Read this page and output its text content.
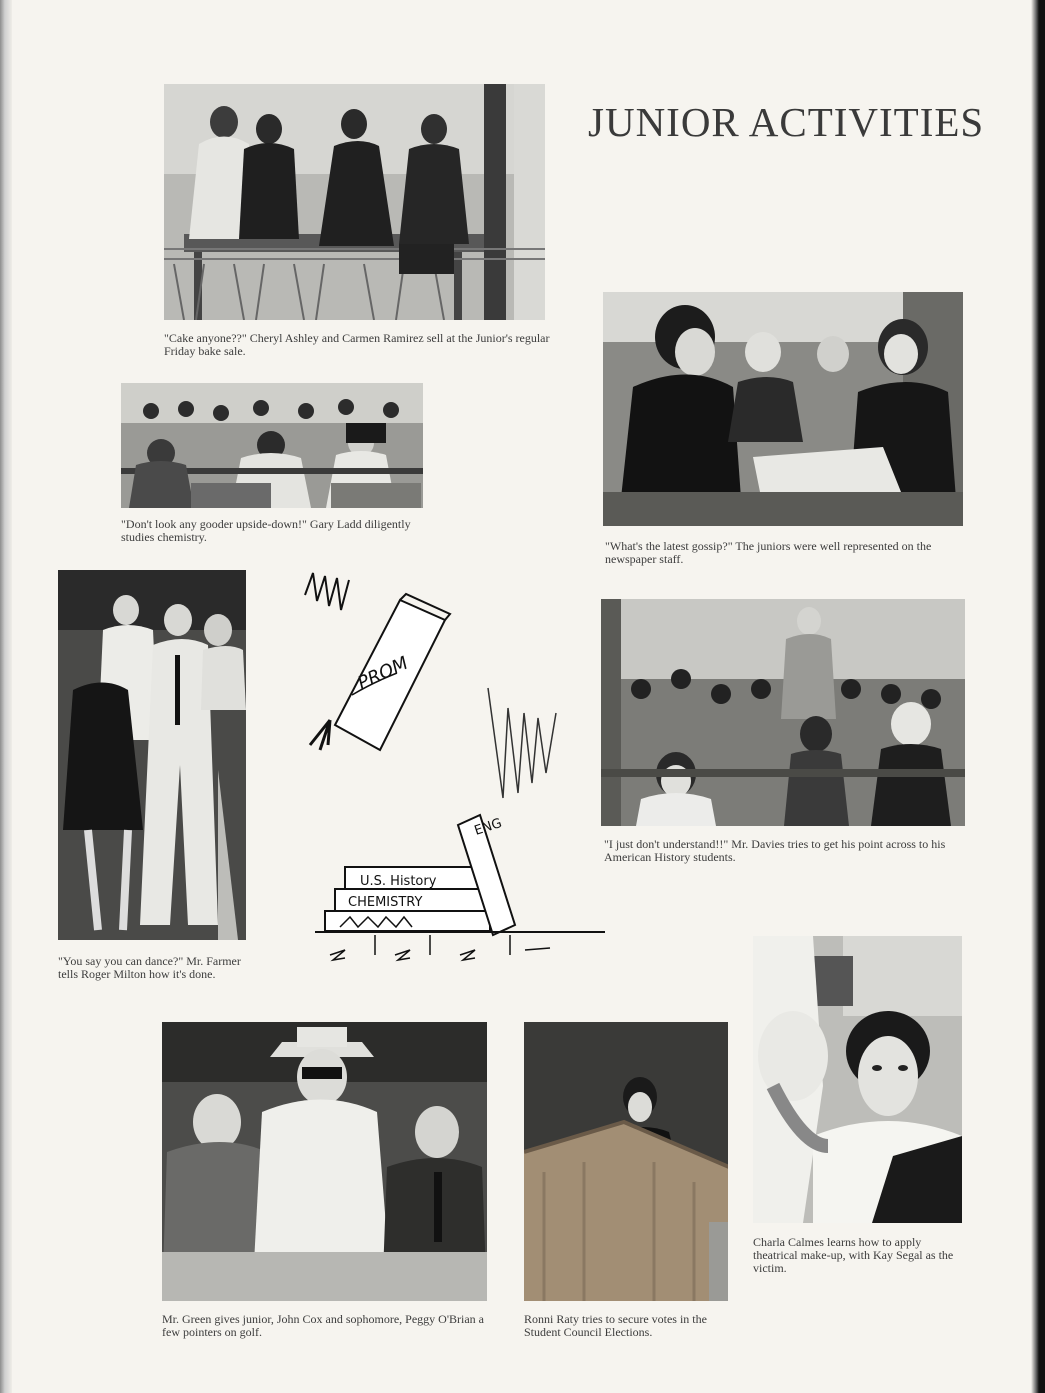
JUNIOR ACTIVITIES
"Cake anyone??" Cheryl Ashley and Carmen Ramirez sell at the Junior's regular Friday bake sale.
"Don't look any gooder upside-down!" Gary Ladd diligently studies chemistry.
"What's the latest gossip?" The juniors were well represented on the newspaper staff.
"You say you can dance?" Mr. Farmer tells Roger Milton how it's done.
PROM
U.S. History
CHEMISTRY
ENG
"I just don't understand!!" Mr. Davies tries to get his point across to his American History students.
Charla Calmes learns how to apply theatrical make-up, with Kay Segal as the victim.
Mr. Green gives junior, John Cox and sophomore, Peggy O'Brian a few pointers on golf.
Ronni Raty tries to secure votes in the Student Council Elections.
